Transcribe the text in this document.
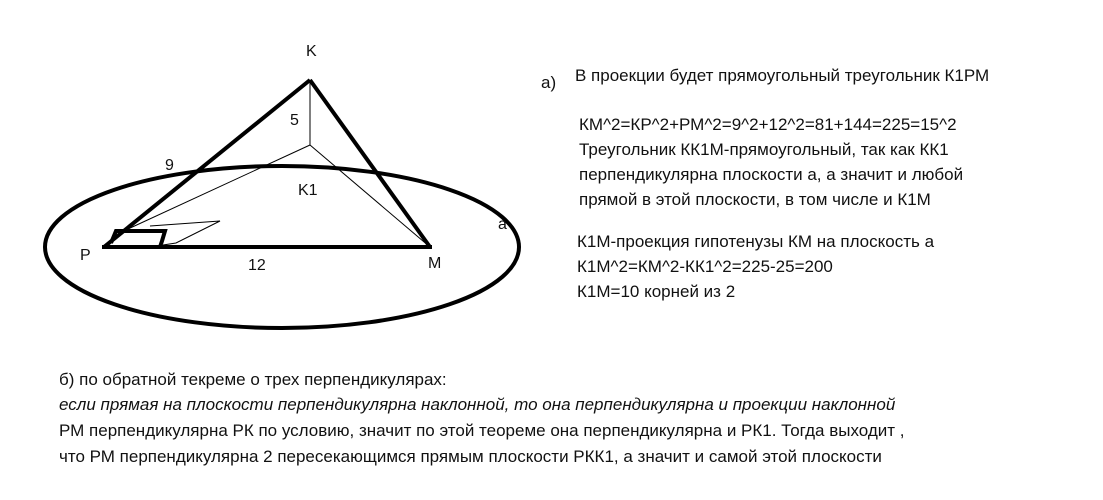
K
P	M
K1
a
5
9
12
а) В проекции будет прямоугольный треугольник К1РМ
КМ^2=КР^2+РМ^2=9^2+12^2=81+144=225=15^2
Треугольник КК1М-прямоугольный, так как КК1
перпендикулярна плоскости а, а значит и любой
прямой в этой плоскости, в том числе и К1М
К1М-проекция гипотенузы КМ на плоскость а
К1М^2=КМ^2-КК1^2=225-25=200
К1М=10 корней из 2
б) по обратной текреме о трех перпендикулярах:
если прямая на плоскости перпендикулярна наклонной, то она перпендикулярна и проекции наклонной
РМ перпендикулярна РК по условию, значит по этой теореме она перпендикулярна и РК1. Тогда выходит ,
что РМ перпендикулярна 2 пересекающимся прямым плоскости РКК1, а значит и самой этой плоскости
